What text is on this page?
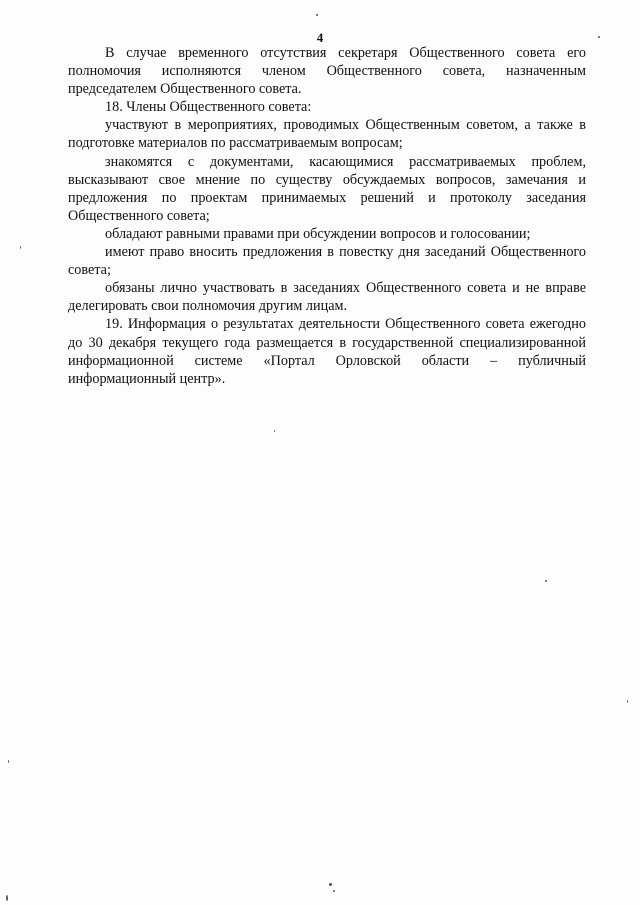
4

В случае временного отсутствия секретаря Общественного совета его полномочия исполняются членом Общественного совета, назначенным председателем Общественного совета.

18. Члены Общественного совета:

участвуют в мероприятиях, проводимых Общественным советом, а также в подготовке материалов по рассматриваемым вопросам;

знакомятся с документами, касающимися рассматриваемых проблем, высказывают свое мнение по существу обсуждаемых вопросов, замечания и предложения по проектам принимаемых решений и протоколу заседания Общественного совета;

обладают равными правами при обсуждении вопросов и голосовании;

имеют право вносить предложения в повестку дня заседаний Общественного совета;

обязаны лично участвовать в заседаниях Общественного совета и не вправе делегировать свои полномочия другим лицам.

19. Информация о результатах деятельности Общественного совета ежегодно до 30 декабря текущего года размещается в государственной специализированной информационной системе «Портал Орловской области – публичный информационный центр».
